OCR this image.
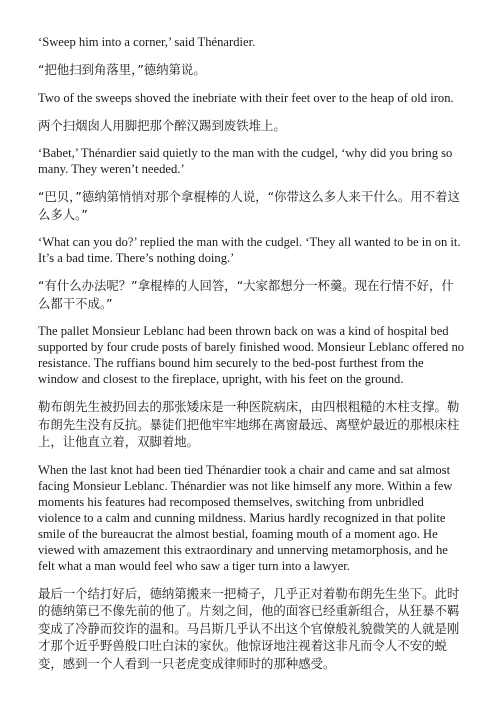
‘Sweep him into a corner,’ said Thénardier.

“把他扫到角落里，”德纳第说。

Two of the sweeps shoved the inebriate with their feet over to the heap of old iron.

两个扫烟囱人用脚把那个醉汉踢到废铁堆上。

‘Babet,’ Thénardier said quietly to the man with the cudgel, ‘why did you bring so many. They weren’t needed.’

“巴贝，”德纳第悄悄对那个拿棍棒的人说，“你带这么多人来干什么。用不着这么多人。”

‘What can you do?’ replied the man with the cudgel. ‘They all wanted to be in on it. It’s a bad time. There’s nothing doing.’

“有什么办法呢？”拿棍棒的人回答，“大家都想分一杯羹。现在行情不好，什么都干不成。”

The pallet Monsieur Leblanc had been thrown back on was a kind of hospital bed supported by four crude posts of barely finished wood. Monsieur Leblanc offered no resistance. The ruffians bound him securely to the bed-post furthest from the window and closest to the fireplace, upright, with his feet on the ground.

勒布朗先生被扔回去的那张矮床是一种医院病床，由四根粗糙的木柱支撑。勒布朗先生没有反抗。暴徒们把他牢牢地绑在离窗最远、离壁炉最近的那根床柱上，让他直立着，双脚着地。

When the last knot had been tied Thénardier took a chair and came and sat almost facing Monsieur Leblanc. Thénardier was not like himself any more. Within a few moments his features had recomposed themselves, switching from unbridled violence to a calm and cunning mildness. Marius hardly recognized in that polite smile of the bureaucrat the almost bestial, foaming mouth of a moment ago. He viewed with amazement this extraordinary and unnerving metamorphosis, and he felt what a man would feel who saw a tiger turn into a lawyer.

最后一个结打好后，德纳第搬来一把椅子，几乎正对着勒布朗先生坐下。此时的德纳第已不像先前的他了。片刻之间，他的面容已经重新组合，从狂暴不羁变成了冷静而狡诈的温和。马吕斯几乎认不出这个官僚般礼貌微笑的人就是刚才那个近乎野兽般口吐白沫的家伙。他惊讶地注视着这非凡而令人不安的蜕变，感到一个人看到一只老虎变成律师时的那种感受。
